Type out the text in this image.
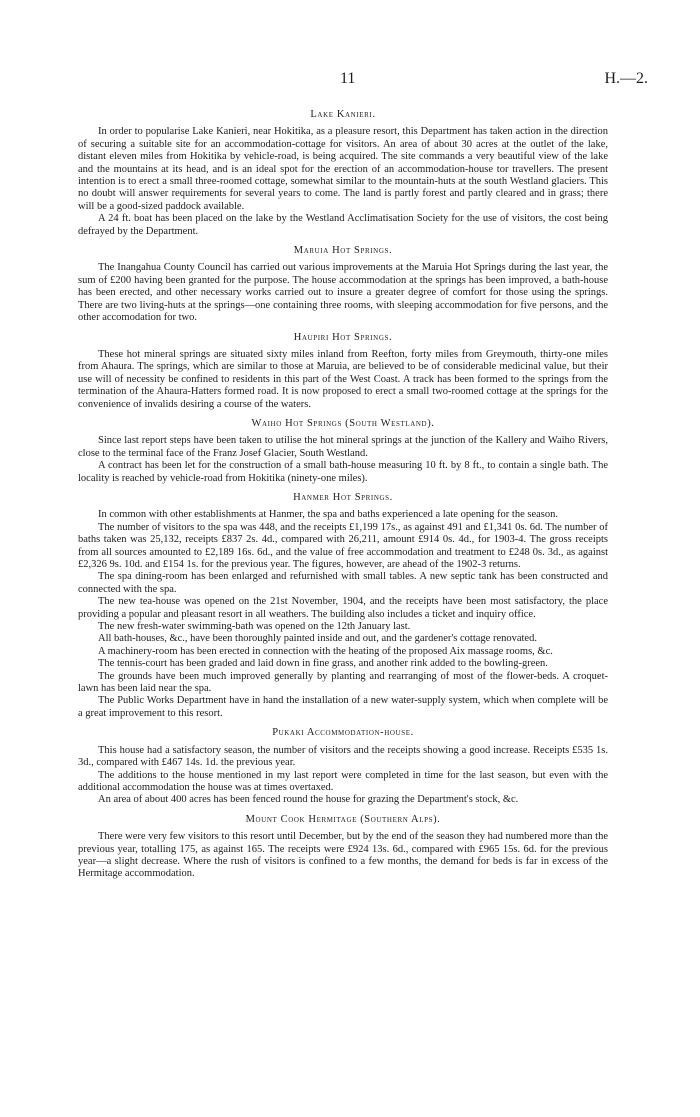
11	H.—2.
Lake Kanieri.

In order to popularise Lake Kanieri, near Hokitika, as a pleasure resort, this Department has taken action in the direction of securing a suitable site for an accommodation-cottage for visitors. An area of about 30 acres at the outlet of the lake, distant eleven miles from Hokitika by vehicle-road, is being acquired. The site commands a very beautiful view of the lake and the mountains at its head, and is an ideal spot for the erection of an accommodation-house tor travellers. The present intention is to erect a small three-roomed cottage, somewhat similar to the mountain-huts at the south Westland glaciers. This no doubt will answer requirements for several years to come. The land is partly forest and partly cleared and in grass; there will be a good-sized paddock available.

A 24 ft. boat has been placed on the lake by the Westland Acclimatisation Society for the use of visitors, the cost being defrayed by the Department.

Maruia Hot Springs.

The Inangahua County Council has carried out various improvements at the Maruia Hot Springs during the last year, the sum of £200 having been granted for the purpose. The house accommodation at the springs has been improved, a bath-house has been erected, and other necessary works carried out to insure a greater degree of comfort for those using the springs. There are two living-huts at the springs—one containing three rooms, with sleeping accommodation for five persons, and the other accomodation for two.

Haupiri Hot Springs.

These hot mineral springs are situated sixty miles inland from Reefton, forty miles from Greymouth, thirty-one miles from Ahaura. The springs, which are similar to those at Maruia, are believed to be of considerable medicinal value, but their use will of necessity be confined to residents in this part of the West Coast. A track has been formed to the springs from the termination of the Ahaura-Hatters formed road. It is now proposed to erect a small two-roomed cottage at the springs for the convenience of invalids desiring a course of the waters.

Waiho Hot Springs (South Westland).

Since last report steps have been taken to utilise the hot mineral springs at the junction of the Kallery and Waiho Rivers, close to the terminal face of the Franz Josef Glacier, South Westland.

A contract has been let for the construction of a small bath-house measuring 10 ft. by 8 ft., to contain a single bath. The locality is reached by vehicle-road from Hokitika (ninety-one miles).

Hanmer Hot Springs.

In common with other establishments at Hanmer, the spa and baths experienced a late opening for the season.

The number of visitors to the spa was 448, and the receipts £1,199 17s., as against 491 and £1,341 0s. 6d. The number of baths taken was 25,132, receipts £837 2s. 4d., compared with 26,211, amount £914 0s. 4d., for 1903-4. The gross receipts from all sources amounted to £2,189 16s. 6d., and the value of free accommodation and treatment to £248 0s. 3d., as against £2,326 9s. 10d. and £154 1s. for the previous year. The figures, however, are ahead of the 1902-3 returns.

The spa dining-room has been enlarged and refurnished with small tables. A new septic tank has been constructed and connected with the spa.

The new tea-house was opened on the 21st November, 1904, and the receipts have been most satisfactory, the place providing a popular and pleasant resort in all weathers. The building also includes a ticket and inquiry office.

The new fresh-water swimming-bath was opened on the 12th January last.

All bath-houses, &c., have been thoroughly painted inside and out, and the gardener's cottage renovated.

A machinery-room has been erected in connection with the heating of the proposed Aix massage rooms, &c.

The tennis-court has been graded and laid down in fine grass, and another rink added to the bowling-green.

The grounds have been much improved generally by planting and rearranging of most of the flower-beds. A croquet-lawn has been laid near the spa.

The Public Works Department have in hand the installation of a new water-supply system, which when complete will be a great improvement to this resort.

Pukaki Accommodation-house.

This house had a satisfactory season, the number of visitors and the receipts showing a good increase. Receipts £535 1s. 3d., compared with £467 14s. 1d. the previous year.

The additions to the house mentioned in my last report were completed in time for the last season, but even with the additional accommodation the house was at times overtaxed.

An area of about 400 acres has been fenced round the house for grazing the Department's stock, &c.

Mount Cook Hermitage (Southern Alps).

There were very few visitors to this resort until December, but by the end of the season they had numbered more than the previous year, totalling 175, as against 165. The receipts were £924 13s. 6d., compared with £965 15s. 6d. for the previous year—a slight decrease. Where the rush of visitors is confined to a few months, the demand for beds is far in excess of the Hermitage accommodation.
